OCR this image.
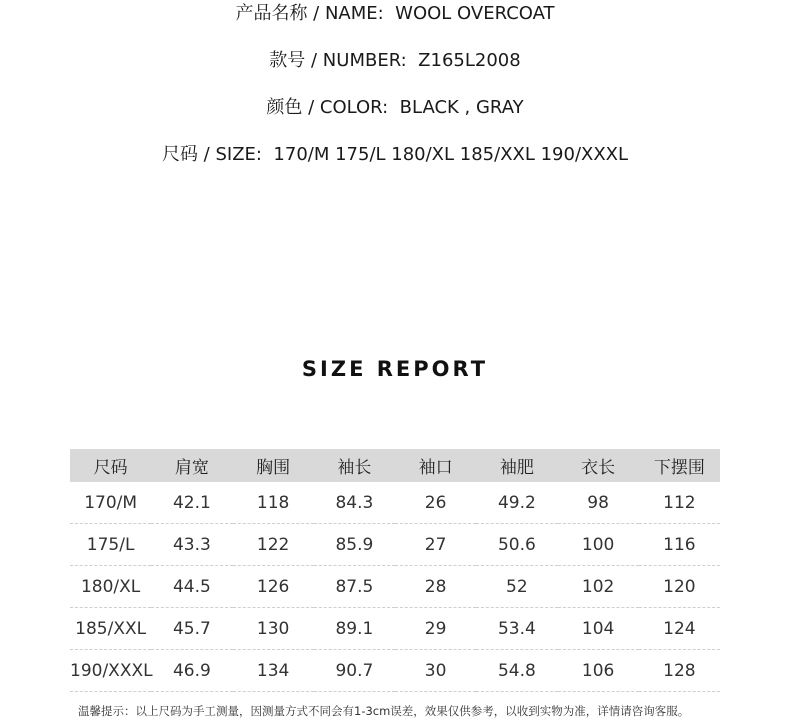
产品名称 / NAME: WOOL OVERCOAT
款号 / NUMBER: Z165L2008
颜色 / COLOR: BLACK , GRAY
尺码 / SIZE: 170/M 175/L 180/XL 185/XXL 190/XXXL
SIZE REPORT
尺码	肩宽	胸围	袖长	袖口	袖肥	衣长	下摆围
170/M	42.1	118	84.3	26	49.2	98	112
175/L	43.3	122	85.9	27	50.6	100	116
180/XL	44.5	126	87.5	28	52	102	120
185/XXL	45.7	130	89.1	29	53.4	104	124
190/XXXL	46.9	134	90.7	30	54.8	106	128
温馨提示：以上尺码为手工测量，因测量方式不同会有1-3cm误差，效果仅供参考，以收到实物为准，详情请咨询客服。
